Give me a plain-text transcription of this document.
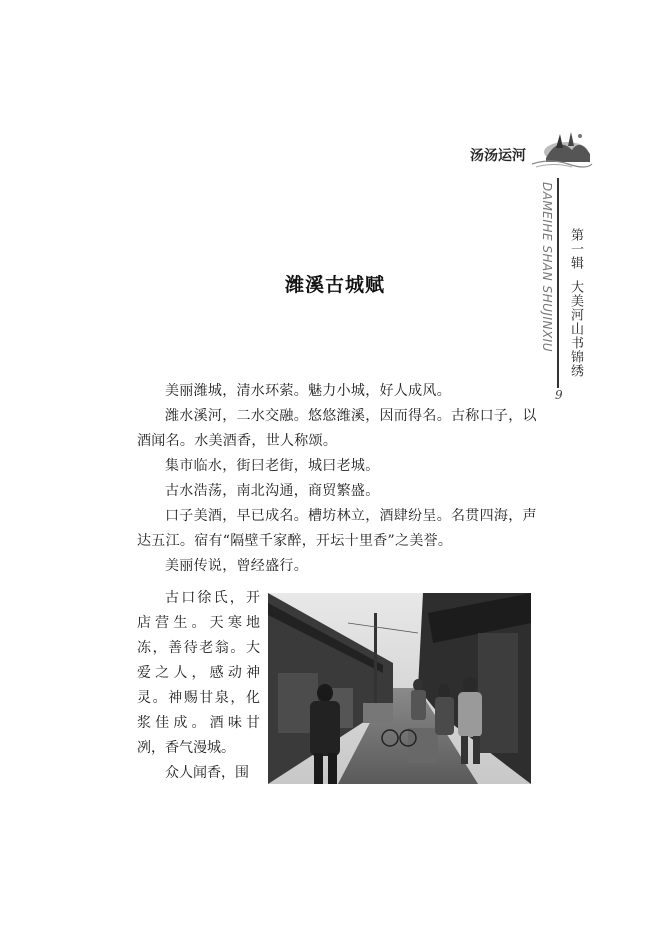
汤汤运河
DAMEIHE SHAN SHUJINXIU 第一辑大美河山书锦绣
9
潍溪古城赋

美丽潍城，清水环萦。魅力小城，好人成风。

潍水溪河，二水交融。悠悠潍溪，因而得名。古称口子，以酒闻名。水美酒香，世人称颂。

集市临水，街曰老街，城曰老城。

古水浩荡，南北沟通，商贸繁盛。

口子美酒，早已成名。槽坊林立，酒肆纷呈。名贯四海，声达五江。宿有“隔壁千家醉，开坛十里香”之美誉。

美丽传说，曾经盛行。

古口徐氏，开店营生。天寒地冻，善待老翁。大爱之人，感动神灵。神赐甘泉，化浆佳成。酒味甘冽，香气漫城。

众人闻香，围
